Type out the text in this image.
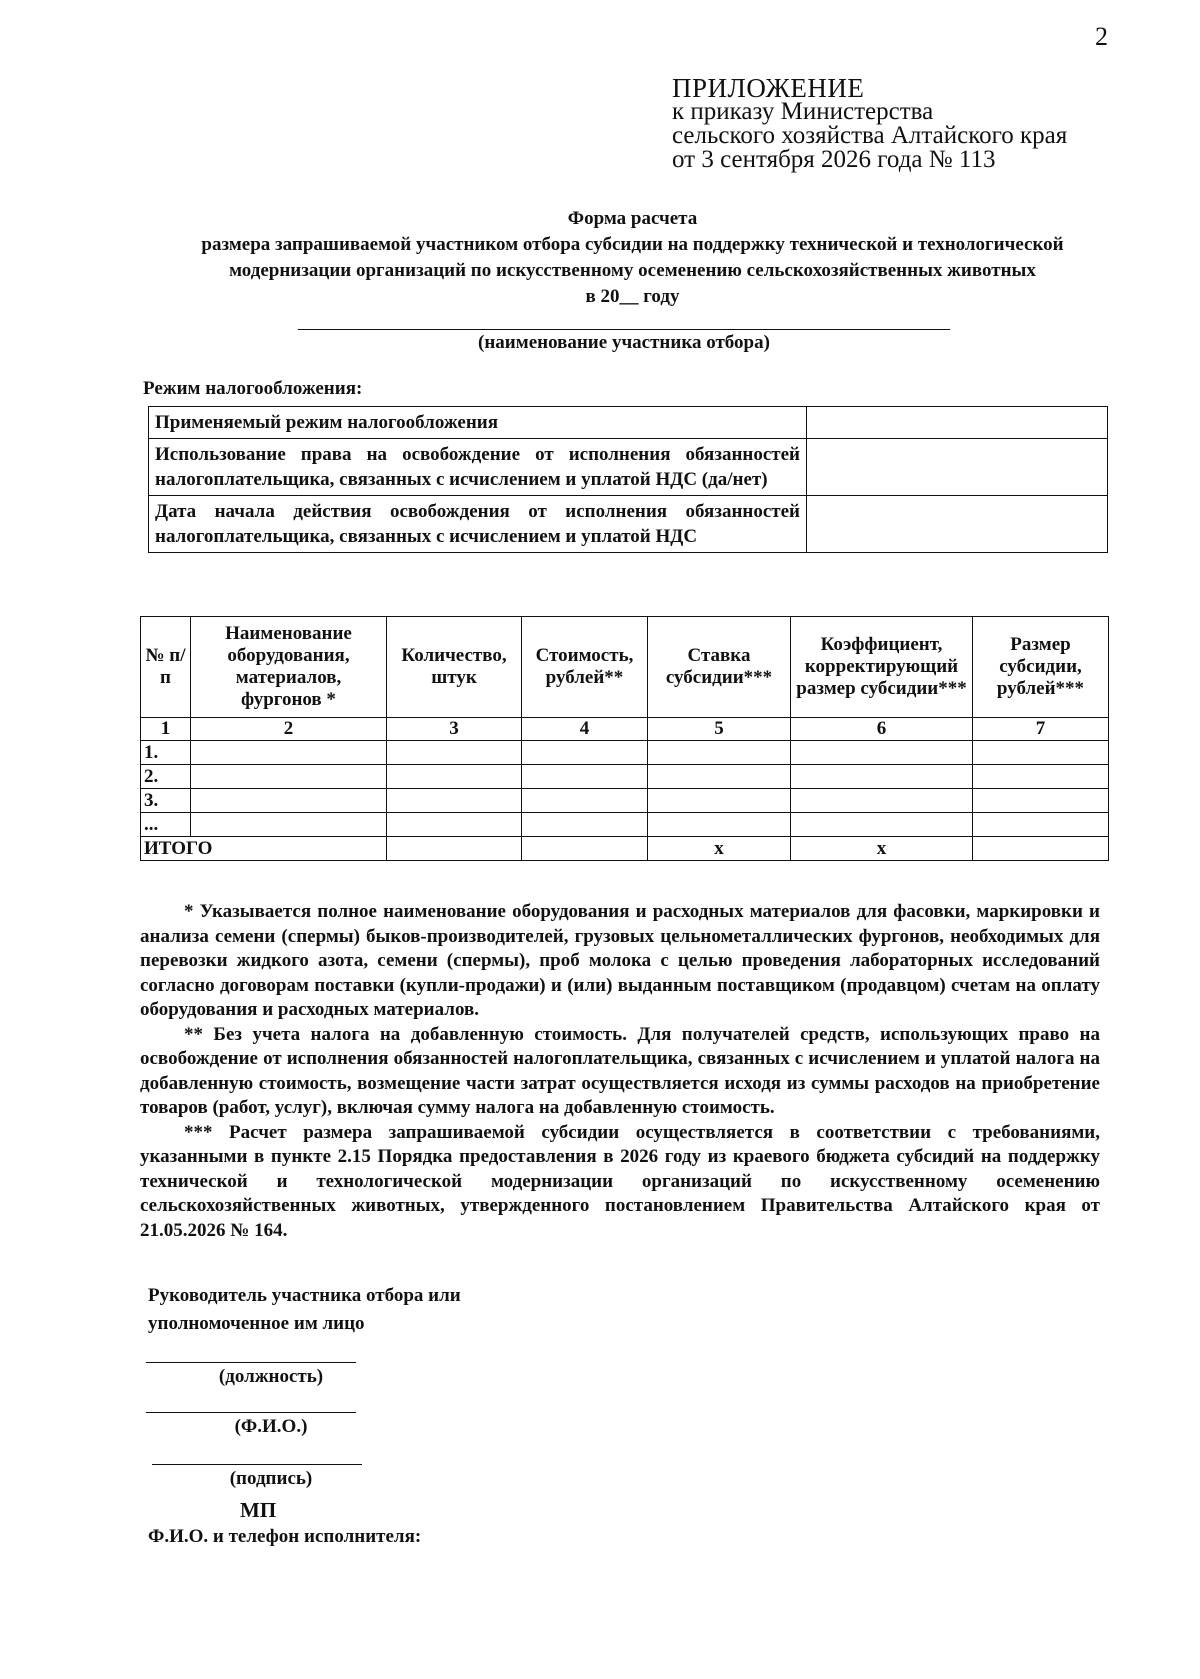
2
ПРИЛОЖЕНИЕ
к приказу Министерства
сельского хозяйства Алтайского края
от 3 сентября 2026 года № 113
Форма расчета
размера запрашиваемой участником отбора субсидии на поддержку технической и технологической модернизации организаций по искусственному осеменению сельскохозяйственных животных
в 20__ году
(наименование участника отбора)
Режим налогообложения:
Применяемый режим налогообложения	
Использование права на освобождение от исполнения обязанностей налогоплательщика, связанных с исчислением и уплатой НДС (да/нет)	
Дата начала действия освобождения от исполнения обязанностей налогоплательщика, связанных с исчислением и уплатой НДС	
№ п/п	Наименование оборудования, материалов, фургонов *	Количество, штук	Стоимость, рублей**	Ставка субсидии***	Коэффициент, корректирующий размер субсидии***	Размер субсидии, рублей***
1	2	3	4	5	6	7
1.						
2.						
3.						
...						
ИТОГО				x	x	

* Указывается полное наименование оборудования и расходных материалов для фасовки, маркировки и анализа семени (спермы) быков-производителей, грузовых цельнометаллических фургонов, необходимых для перевозки жидкого азота, семени (спермы), проб молока с целью проведения лабораторных исследований согласно договорам поставки (купли-продажи) и (или) выданным поставщиком (продавцом) счетам на оплату оборудования и расходных материалов.

** Без учета налога на добавленную стоимость. Для получателей средств, использующих право на освобождение от исполнения обязанностей налогоплательщика, связанных с исчислением и уплатой налога на добавленную стоимость, возмещение части затрат осуществляется исходя из суммы расходов на приобретение товаров (работ, услуг), включая сумму налога на добавленную стоимость.

*** Расчет размера запрашиваемой субсидии осуществляется в соответствии с требованиями, указанными в пункте 2.15 Порядка предоставления в 2026 году из краевого бюджета субсидий на поддержку технической и технологической модернизации организаций по искусственному осеменению сельскохозяйственных животных, утвержденного постановлением Правительства Алтайского края от 21.05.2026 № 164.

Руководитель участника отбора или
уполномоченное им лицо
(должность)
(Ф.И.О.)
(подпись)
МП
Ф.И.О. и телефон исполнителя:
